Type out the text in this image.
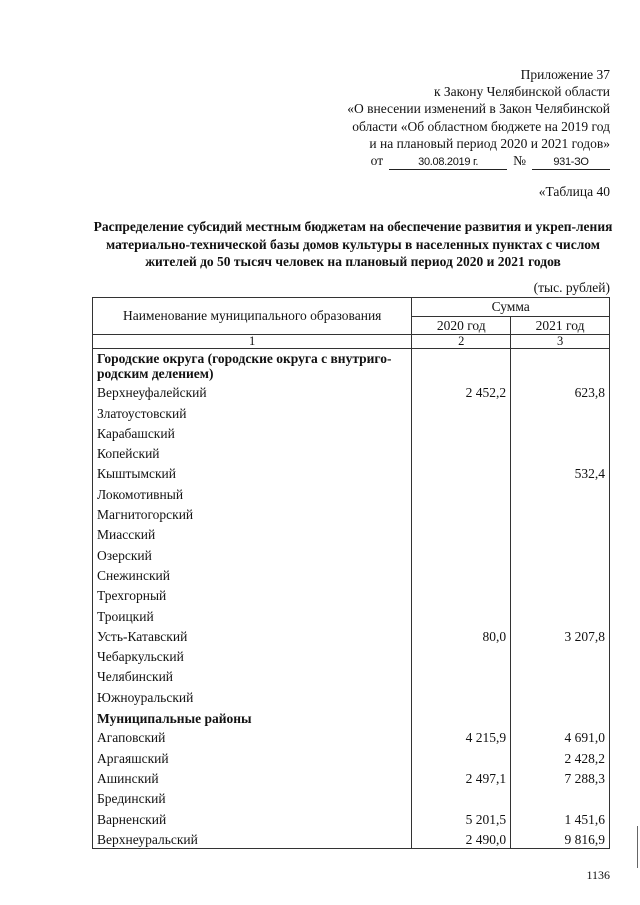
Приложение 37
к Закону Челябинской области
«О внесении изменений в Закон Челябинской
области «Об областном бюджете на 2019 год
и на плановый период 2020 и 2021 годов»
от	30.08.2019 г.	№	931-ЗО
«Таблица 40
Распределение субсидий местным бюджетам на обеспечение развития и укреп-ления материально-технической базы домов культуры в населенных пунктах с числом жителей до 50 тысяч человек на плановый период 2020 и 2021 годов
(тыс. рублей)
Наименование муниципального образования	Сумма	
	2020 год	2021 год
1	2	3
Городские округа (городские округа с внутриго-родским делением)		
Верхнеуфалейский	2 452,2	623,8
Златоустовский		
Карабашский		
Копейский		
Кыштымский		532,4
Локомотивный		
Магнитогорский		
Миасский		
Озерский		
Снежинский		
Трехгорный		
Троицкий		
Усть-Катавский	80,0	3 207,8
Чебаркульский		
Челябинский		
Южноуральский		
Муниципальные районы		
Агаповский	4 215,9	4 691,0
Аргаяшский		2 428,2
Ашинский	2 497,1	7 288,3
Брединский		
Варненский	5 201,5	1 451,6
Верхнеуральский	2 490,0	9 816,9
1136
